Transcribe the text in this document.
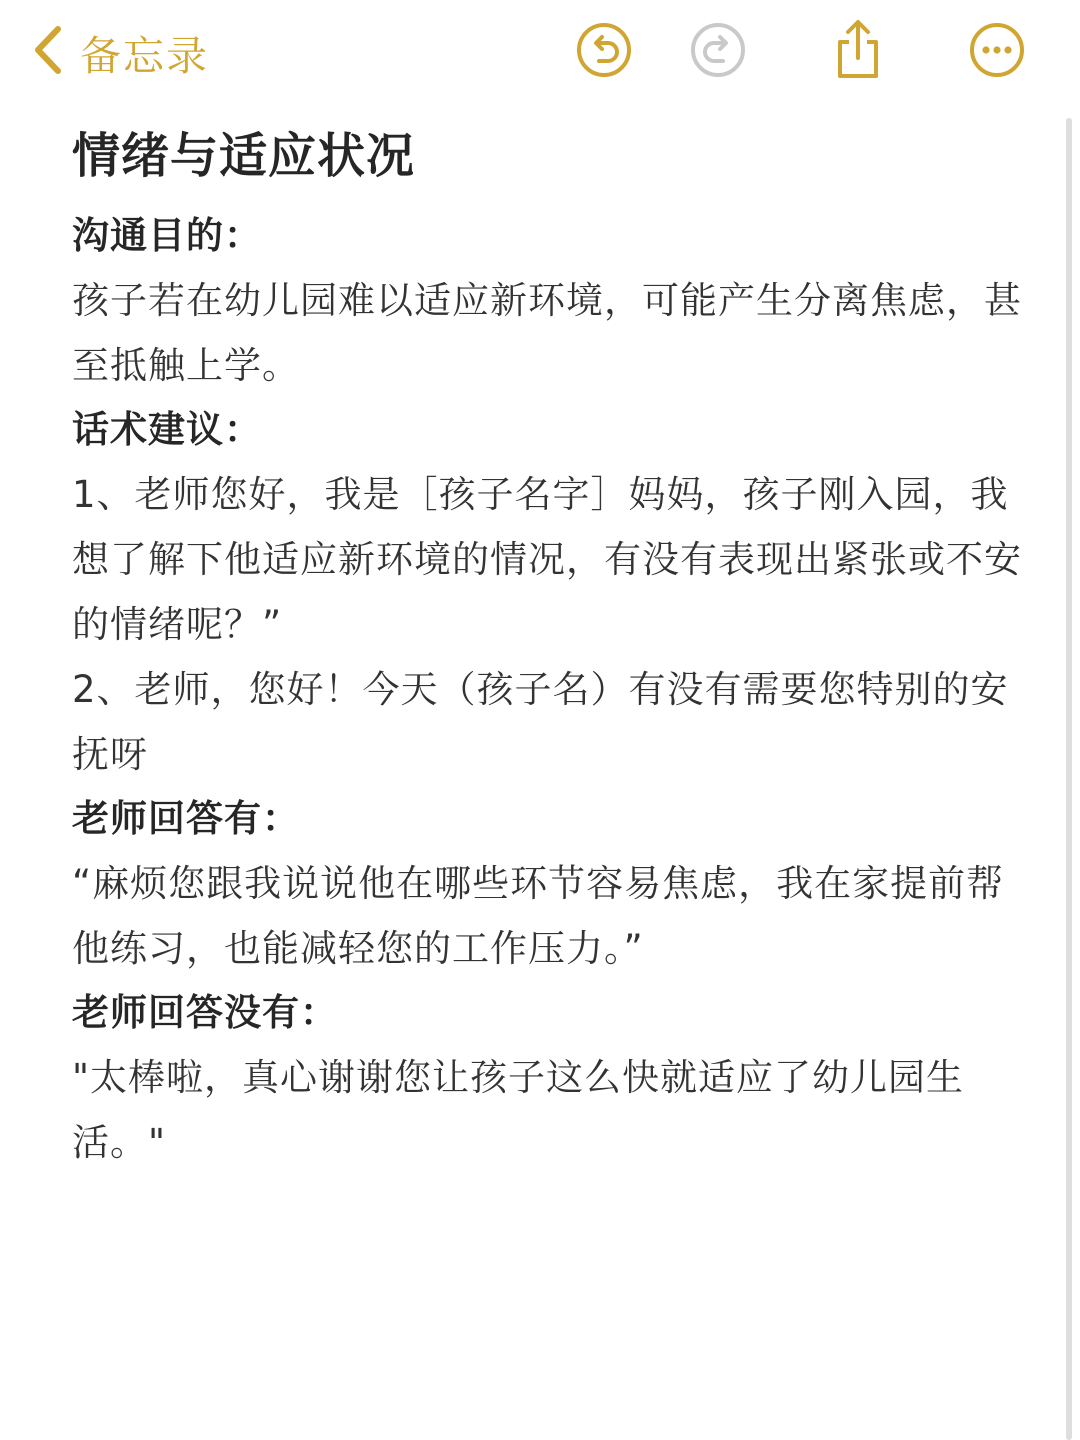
备忘录
情绪与适应状况
沟通目的：
孩子若在幼儿园难以适应新环境，可能产生分离焦虑，甚至抵触上学。
话术建议：
1、老师您好，我是［孩子名字］妈妈，孩子刚入园，我想了解下他适应新环境的情况，有没有表现出紧张或不安的情绪呢？”
2、老师，您好！今天（孩子名）有没有需要您特别的安抚呀
老师回答有：
“麻烦您跟我说说他在哪些环节容易焦虑，我在家提前帮他练习，也能减轻您的工作压力。”
老师回答没有：
"太棒啦，真心谢谢您让孩子这么快就适应了幼儿园生活。"
